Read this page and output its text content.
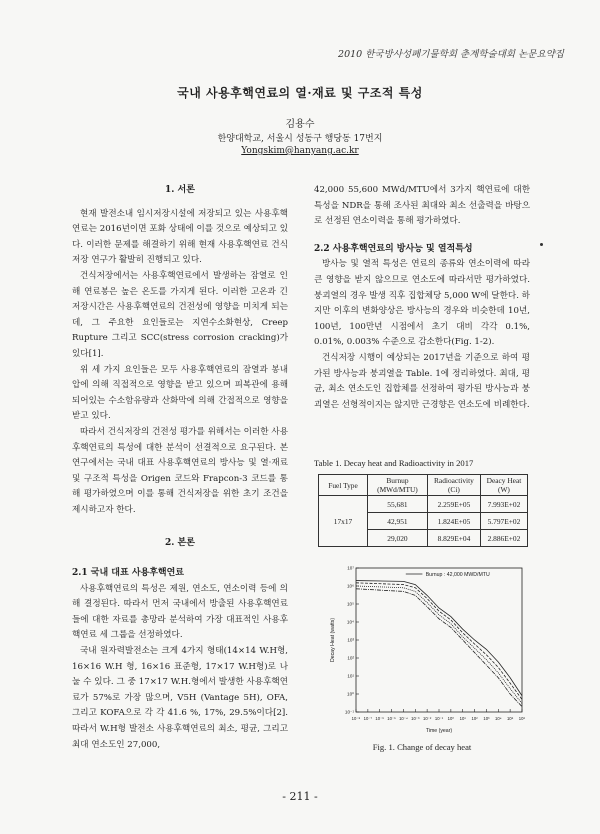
2010 한국방사성폐기물학회 춘계학술대회 논문요약집
국내 사용후핵연료의 열·재료 및 구조적 특성
김용수
한양대학교, 서울시 성동구 행당동 17번지
Yongskim@hanyang.ac.kr
1. 서론

현재 발전소내 임시저장시설에 저장되고 있는 사용후핵연료는 2016년이면 포화 상태에 이를 것으로 예상되고 있다. 이러한 문제를 해결하기 위해 현재 사용후핵연료 건식저장 연구가 활발히 진행되고 있다.

건식저장에서는 사용후핵연료에서 발생하는 잠열로 인해 연료봉은 높은 온도를 가지게 된다. 이러한 고온과 긴 저장시간은 사용후핵연료의 건전성에 영향을 미치게 되는데, 그 주요한 요인들로는 지연수소화현상, Creep Rupture 그리고 SCC(stress corrosion cracking)가 있다[1].

위 세 가지 요인들은 모두 사용후핵연료의 잠열과 봉내압에 의해 직접적으로 영향을 받고 있으며 피복관에 용해되어있는 수소함유량과 산화막에 의해 간접적으로 영향을 받고 있다.

따라서 건식저장의 건전성 평가를 위해서는 이러한 사용후핵연료의 특성에 대한 분석이 선결적으로 요구된다. 본 연구에서는 국내 대표 사용후핵연료의 방사능 및 열·재료 및 구조적 특성을 Origen 코드와 Frapcon-3 코드를 통해 평가하였으며 이를 통해 건식저장을 위한 초기 조건을 제시하고자 한다.

2. 본론
2.1 국내 대표 사용후핵연료

사용후핵연료의 특성은 제원, 연소도, 연소이력 등에 의해 결정된다. 따라서 먼저 국내에서 방출된 사용후핵연료들에 대한 자료를 총망라 분석하여 가장 대표적인 사용후핵연료 세 그룹을 선정하였다.

국내 원자력발전소는 크게 4가지 형태(14×14 W.H형, 16×16 W.H 형, 16×16 표준형, 17×17 W.H형)로 나눌 수 있다. 그 중 17×17 W.H.형에서 발생한 사용후핵연료가 57%로 가장 많으며, V5H (Vantage 5H), OFA, 그리고 KOFA으로 각 각 41.6 %, 17%, 29.5%이다[2]. 따라서 W.H형 발전소 사용후핵연료의 최소, 평균, 그리고 최대 연소도인 27,000,

42,000 55,600 MWd/MTU에서 3가지 핵연료에 대한 특성을 NDR을 통해 조사된 최대와 최소 선출력을 바탕으로 선정된 연소이력을 통해 평가하였다.

2.2 사용후핵연료의 방사능 및 열적특성

방사능 및 열적 특성은 연료의 종류와 연소이력에 따라 큰 영향을 받지 않으므로 연소도에 따라서만 평가하였다. 붕괴열의 경우 발생 직후 집합체당 5,000 W에 달한다. 하지만 이후의 변화양상은 방사능의 경우와 비슷한데 10년, 100년, 100만년 시점에서 초기 대비 각각 0.1%, 0.01%, 0.003% 수준으로 감소한다(Fig. 1-2).

건식저장 시행이 예상되는 2017년을 기준으로 하여 평가된 방사능과 붕괴열을 Table. 1에 정리하였다. 최대, 평균, 최소 연소도인 집합체를 선정하여 평가된 방사능과 붕괴열은 선형적이지는 않지만 근경향은 연소도에 비례한다.

Table 1. Decay heat and Radioactivity in 2017
Fuel Type	Burnup (MWd/MTU)	Radioactivity (Ci)	Deacy Heat (W)
17x17	55,681	2.259E+05	7.993E+02
	42,951	1.824E+05	5.797E+02
	29,020	8.829E+04	2.886E+02
10⁻⁸ 10⁻⁷ 10⁻⁶ 10⁻⁵ 10⁻⁴ 10⁻³ 10⁻² 10⁻¹ 10⁰ 10¹ 10² 10³ 10⁴ 10⁵ 10⁶
10⁻¹
10⁰
10¹
10²
10³
10⁴
10⁵
10⁶
10⁷
Burnup : 42,000 MWD/MTU
Time (year)
Decay Heat (watts)
Fig. 1. Change of decay heat
- 211 -
